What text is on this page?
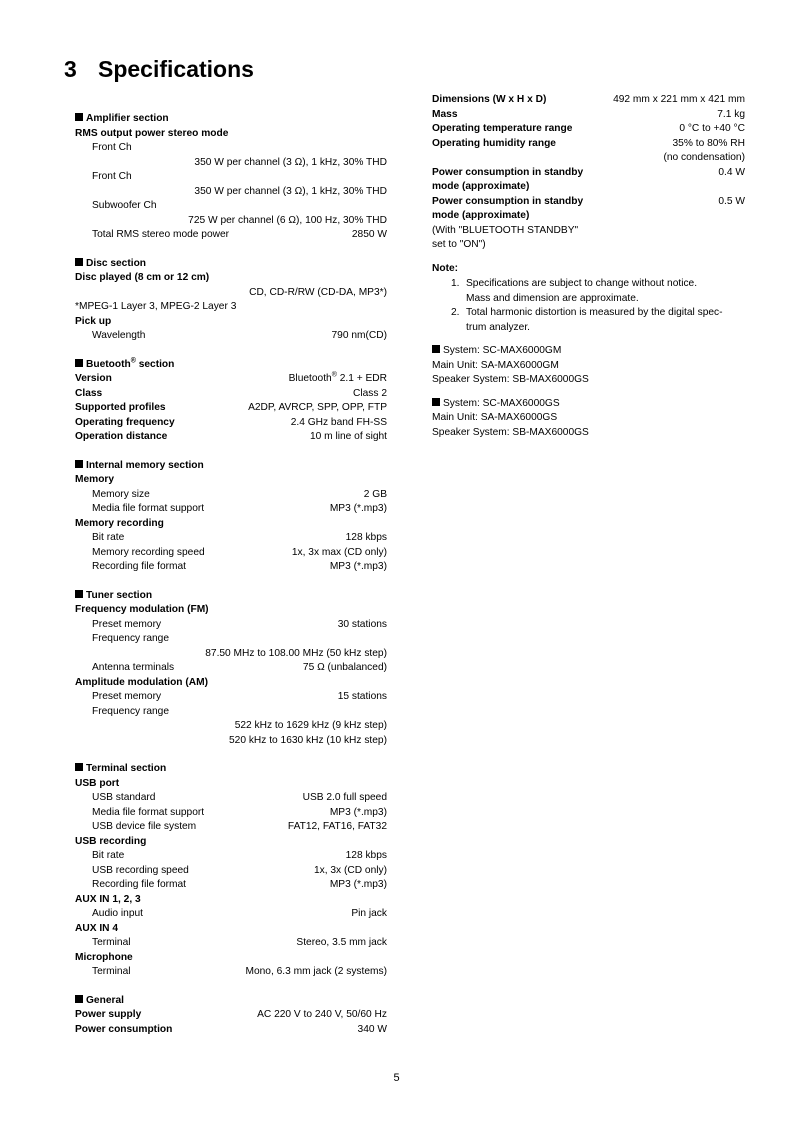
3 Specifications
Amplifier section
RMS output power stereo mode
Front Ch
350 W per channel (3 Ω), 1 kHz, 30% THD
Front Ch
350 W per channel (3 Ω), 1 kHz, 30% THD
Subwoofer Ch
725 W per channel (6 Ω), 100 Hz, 30% THD
Total RMS stereo mode power	2850 W
Disc section
Disc played (8 cm or 12 cm)
CD, CD-R/RW (CD-DA, MP3*)
*MPEG-1 Layer 3, MPEG-2 Layer 3
Pick up
Wavelength	790 nm(CD)
Buetooth® section
Version	Bluetooth® 2.1 + EDR
Class	Class 2
Supported profiles	A2DP, AVRCP, SPP, OPP, FTP
Operating frequency	2.4 GHz band FH-SS
Operation distance	10 m line of sight
Internal memory section
Memory
Memory size	2 GB
Media file format support	MP3 (*.mp3)
Memory recording
Bit rate	128 kbps
Memory recording speed	1x, 3x max (CD only)
Recording file format	MP3 (*.mp3)
Tuner section
Frequency modulation (FM)
Preset memory	30 stations
Frequency range
87.50 MHz to 108.00 MHz (50 kHz step)
Antenna terminals	75 Ω (unbalanced)
Amplitude modulation (AM)
Preset memory	15 stations
Frequency range
522 kHz to 1629 kHz (9 kHz step)
520 kHz to 1630 kHz (10 kHz step)
Terminal section
USB port
USB standard	USB 2.0 full speed
Media file format support	MP3 (*.mp3)
USB device file system	FAT12, FAT16, FAT32
USB recording
Bit rate	128 kbps
USB recording speed	1x, 3x (CD only)
Recording file format	MP3 (*.mp3)
AUX IN 1, 2, 3
Audio input	Pin jack
AUX IN 4
Terminal	Stereo, 3.5 mm jack
Microphone
Terminal	Mono, 6.3 mm jack (2 systems)
General
Power supply	AC 220 V to 240 V, 50/60 Hz
Power consumption	340 W
Dimensions (W x H x D)	492 mm x 221 mm x 421 mm
Mass	7.1 kg
Operating temperature range	0 °C to +40 °C
Operating humidity range	35% to 80% RH
(no condensation)
Power consumption in standby	0.4 W
mode (approximate)
Power consumption in standby	0.5 W
mode (approximate)
(With "BLUETOOTH STANDBY"
set to "ON")
Note:
1. Specifications are subject to change without notice.
Mass and dimension are approximate.
2. Total harmonic distortion is measured by the digital spec-
trum analyzer.
System: SC-MAX6000GM
Main Unit: SA-MAX6000GM
Speaker System: SB-MAX6000GS
System: SC-MAX6000GS
Main Unit: SA-MAX6000GS
Speaker System: SB-MAX6000GS
5
